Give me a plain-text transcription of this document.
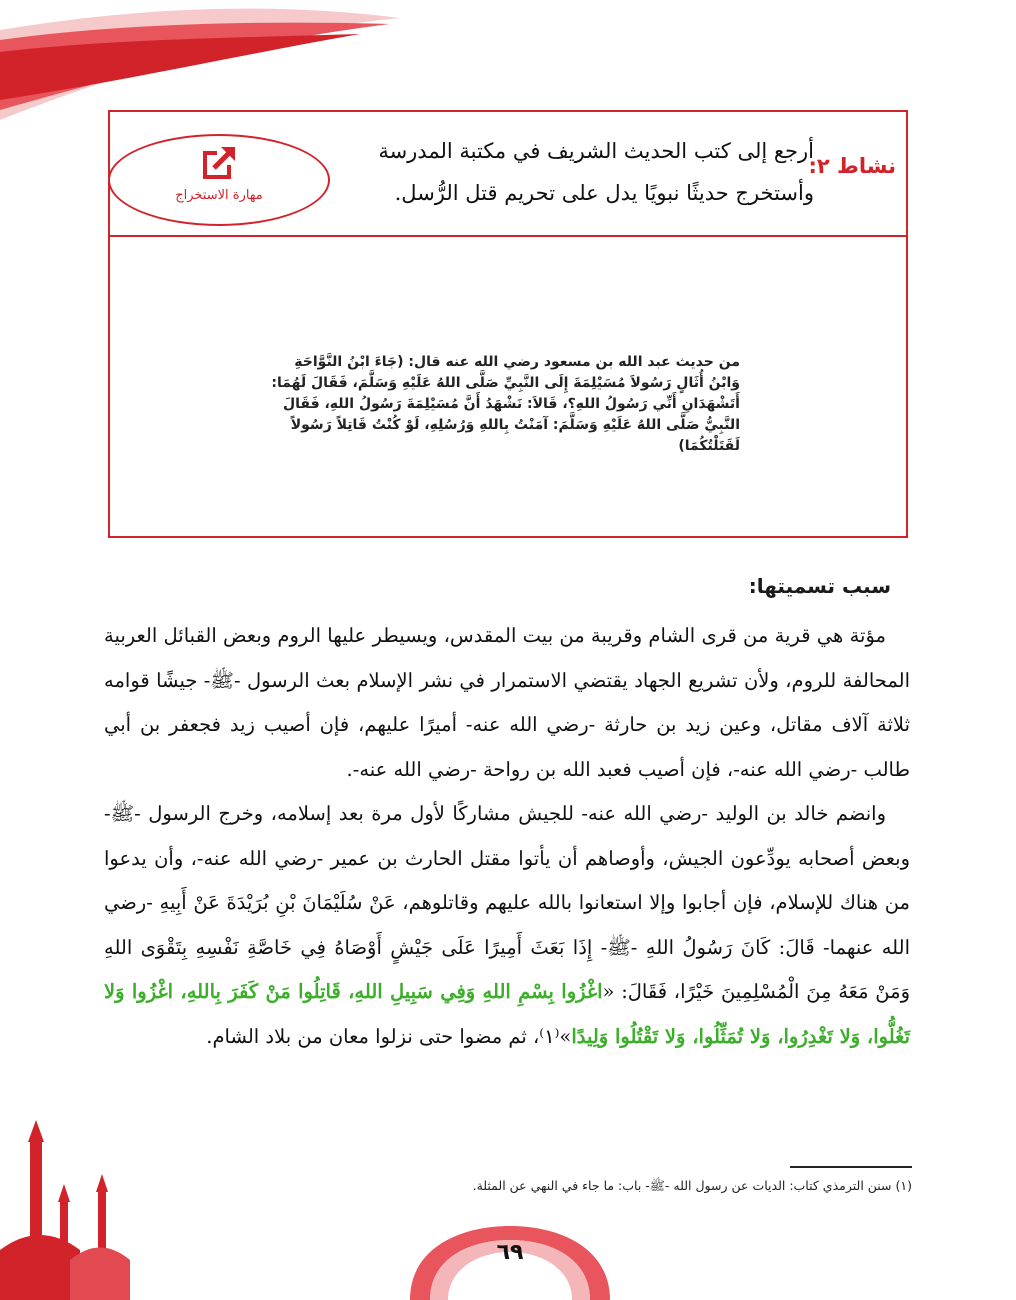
نشاط ٢:
أرجع إلى كتب الحديث الشريف في مكتبة المدرسة وأستخرج حديثًا نبويًا يدل على تحريم قتل الرُّسل.
مهارة الاستخراج
من حديث عبد الله بن مسعود رضي الله عنه قال: (جَاءَ ابْنُ النَّوَّاحَةِ وَابْنُ أُثَالٍ رَسُولاَ مُسَيْلِمَةَ إِلَى النَّبِيِّ صَلَّى اللهُ عَلَيْهِ وَسَلَّمَ، فَقَالَ لَهُمَا: أَتَشْهَدَانِ أَنِّي رَسُولُ اللهِ؟، قَالاَ: نَشْهَدُ أَنَّ مُسَيْلِمَةَ رَسُولُ اللهِ، فَقَالَ النَّبِيُّ صَلَّى اللهُ عَلَيْهِ وَسَلَّمَ: آمَنْتُ بِاللهِ وَرُسُلِهِ، لَوْ كُنْتُ قَاتِلاً رَسُولاً لَقَتَلْتُكُمَا)
سبب تسميتها:

مؤتة هي قرية من قرى الشام وقريبة من بيت المقدس، ويسيطر عليها الروم وبعض القبائل العربية المحالفة للروم، ولأن تشريع الجهاد يقتضي الاستمرار في نشر الإسلام بعث الرسول -ﷺ- جيشًا قوامه ثلاثة آلاف مقاتل، وعين زيد بن حارثة -رضي الله عنه- أميرًا عليهم، فإن أصيب زيد فجعفر بن أبي طالب -رضي الله عنه-، فإن أصيب فعبد الله بن رواحة -رضي الله عنه-.

وانضم خالد بن الوليد -رضي الله عنه- للجيش مشاركًا لأول مرة بعد إسلامه، وخرج الرسول -ﷺ- وبعض أصحابه يودِّعون الجيش، وأوصاهم أن يأتوا مقتل الحارث بن عمير -رضي الله عنه-، وأن يدعوا من هناك للإسلام، فإن أجابوا وإلا استعانوا بالله عليهم وقاتلوهم، عَنْ سُلَيْمَانَ بْنِ بُرَيْدَةَ عَنْ أَبِيهِ -رضي الله عنهما- قَالَ: كَانَ رَسُولُ اللهِ -ﷺ- إِذَا بَعَثَ أَمِيرًا عَلَى جَيْشٍ أَوْصَاهُ فِي خَاصَّةِ نَفْسِهِ بِتَقْوَى اللهِ وَمَنْ مَعَهُ مِنَ الْمُسْلِمِينَ خَيْرًا، فَقَالَ: «اغْزُوا بِسْمِ اللهِ وَفِي سَبِيلِ اللهِ، قَاتِلُوا مَنْ كَفَرَ بِاللهِ، اغْزُوا وَلا تَغُلُّوا، وَلا تَغْدِرُوا، وَلا تُمَثِّلُوا، وَلا تَقْتُلُوا وَلِيدًا»⁽١⁾، ثم مضوا حتى نزلوا معان من بلاد الشام.

(١) سنن الترمذي كتاب: الديات عن رسول الله -ﷺ- باب: ما جاء في النهي عن المثلة.
٦٩
